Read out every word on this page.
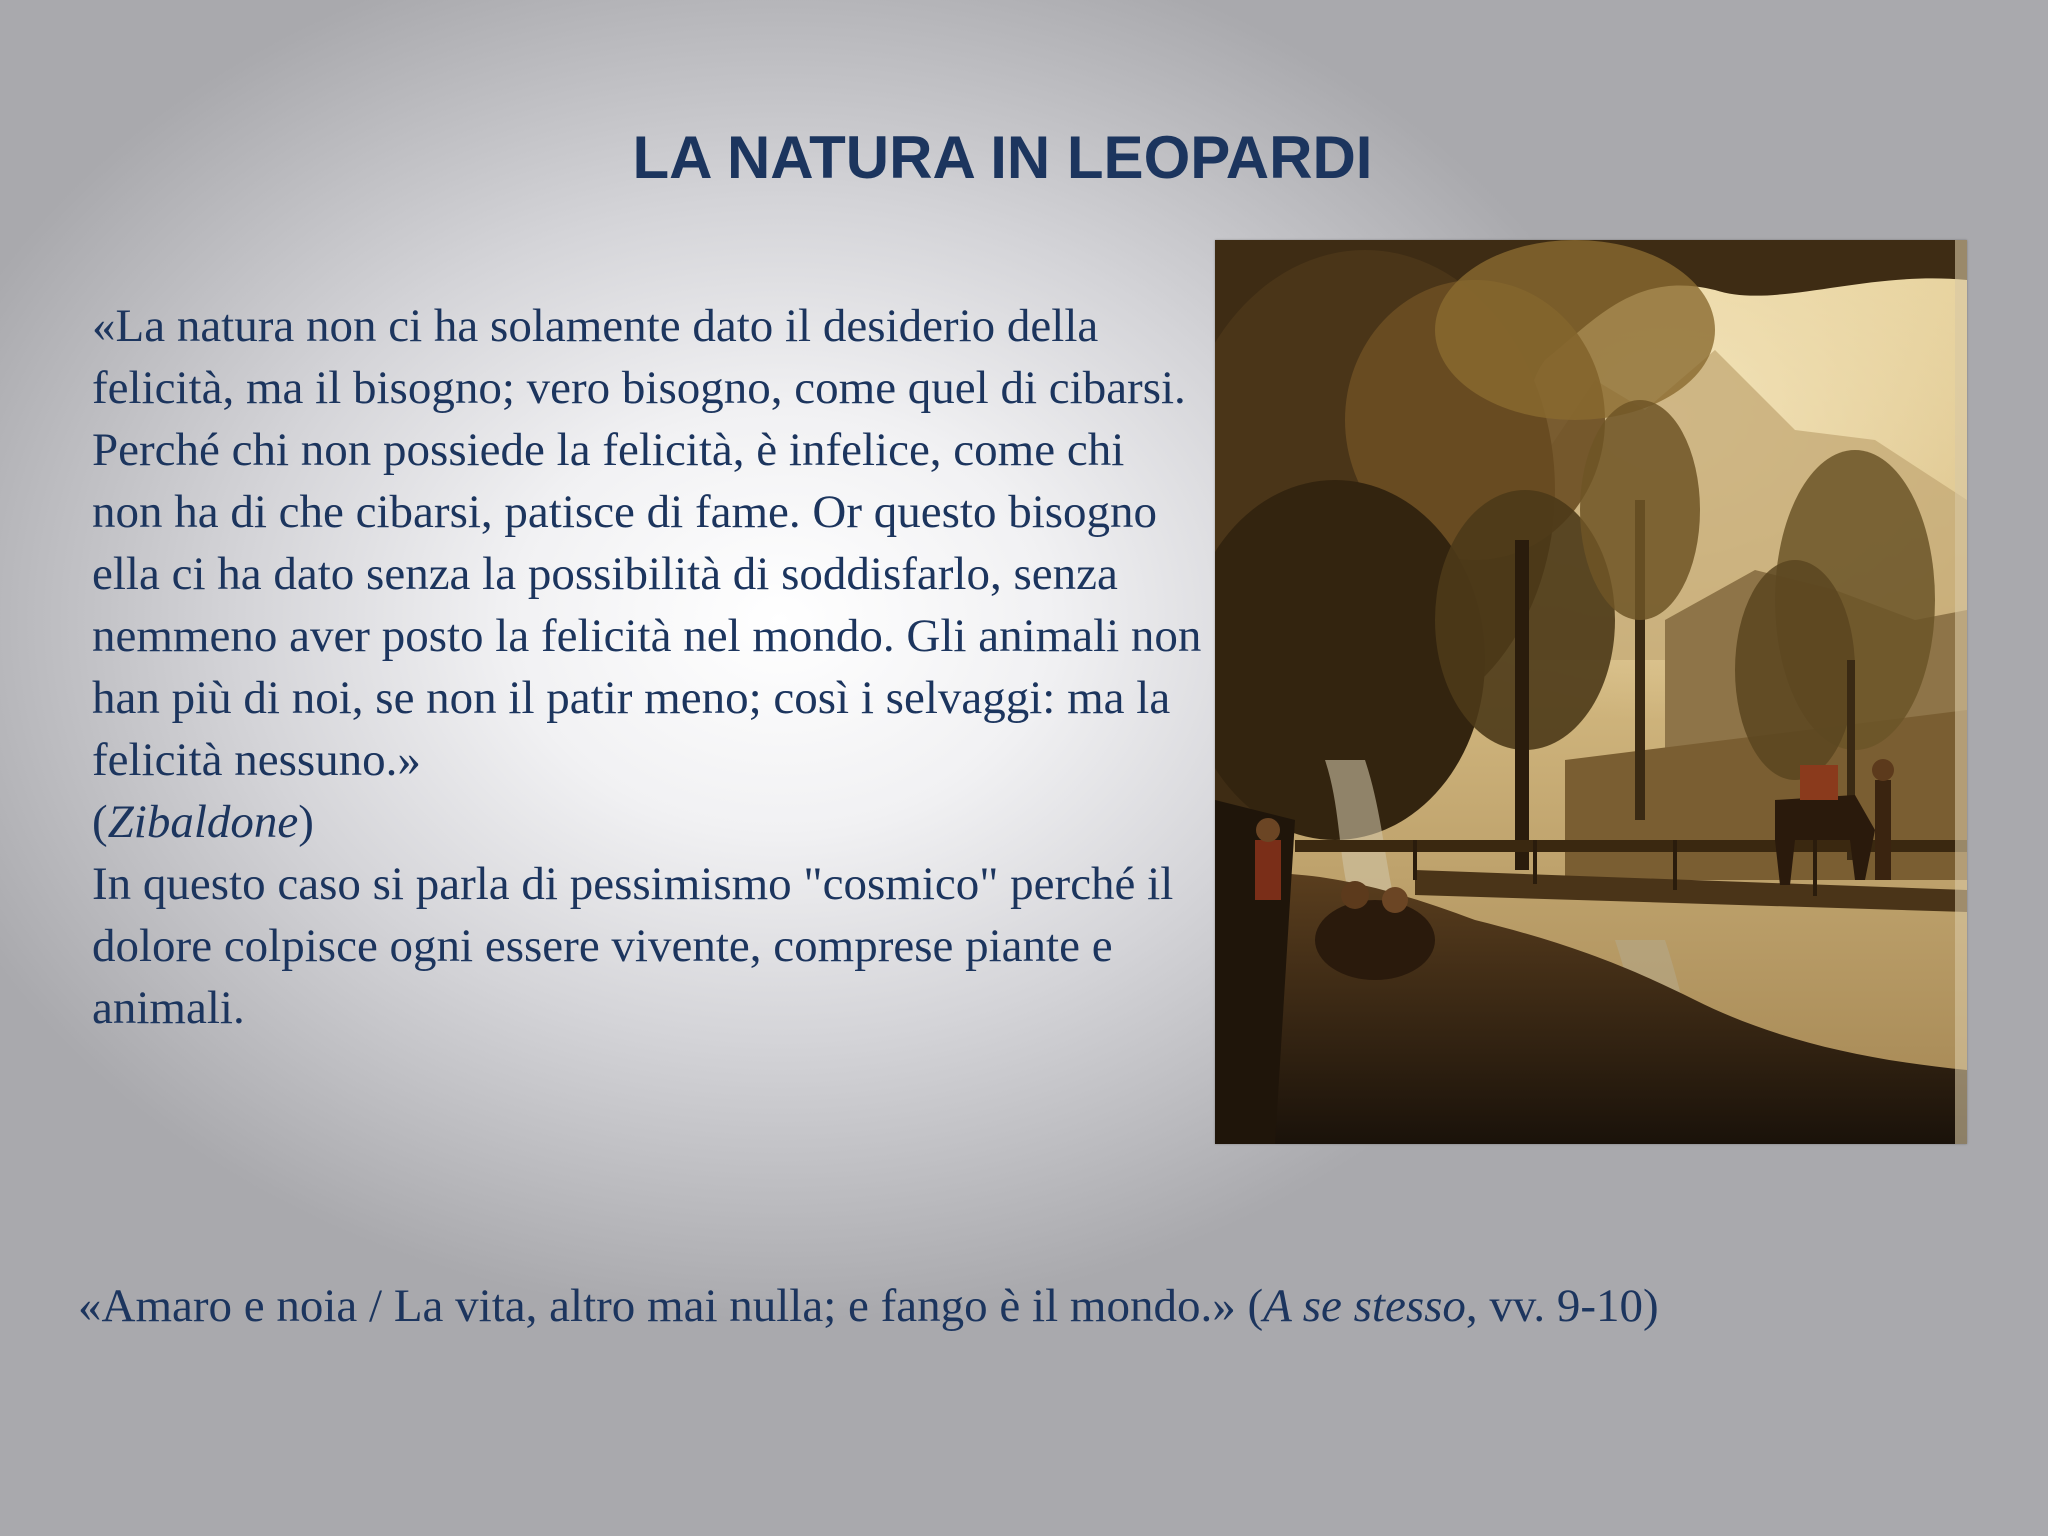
LA NATURA IN LEOPARDI

«La natura non ci ha solamente dato il desiderio della felicità, ma il bisogno; vero bisogno, come quel di cibarsi. Perché chi non possiede la felicità, è infelice, come chi non ha di che cibarsi, patisce di fame. Or questo bisogno ella ci ha dato senza la possibilità di soddisfarlo, senza nemmeno aver posto la felicità nel mondo. Gli animali non han più di noi, se non il patir meno; così i selvaggi: ma la felicità nessuno.»
(Zibaldone)

In questo caso si parla di pessimismo "cosmico" perché il dolore colpisce ogni essere vivente, comprese piante e animali.

«Amaro e noia / La vita, altro mai nulla; e fango è il mondo.» (A se stesso, vv. 9-10)
